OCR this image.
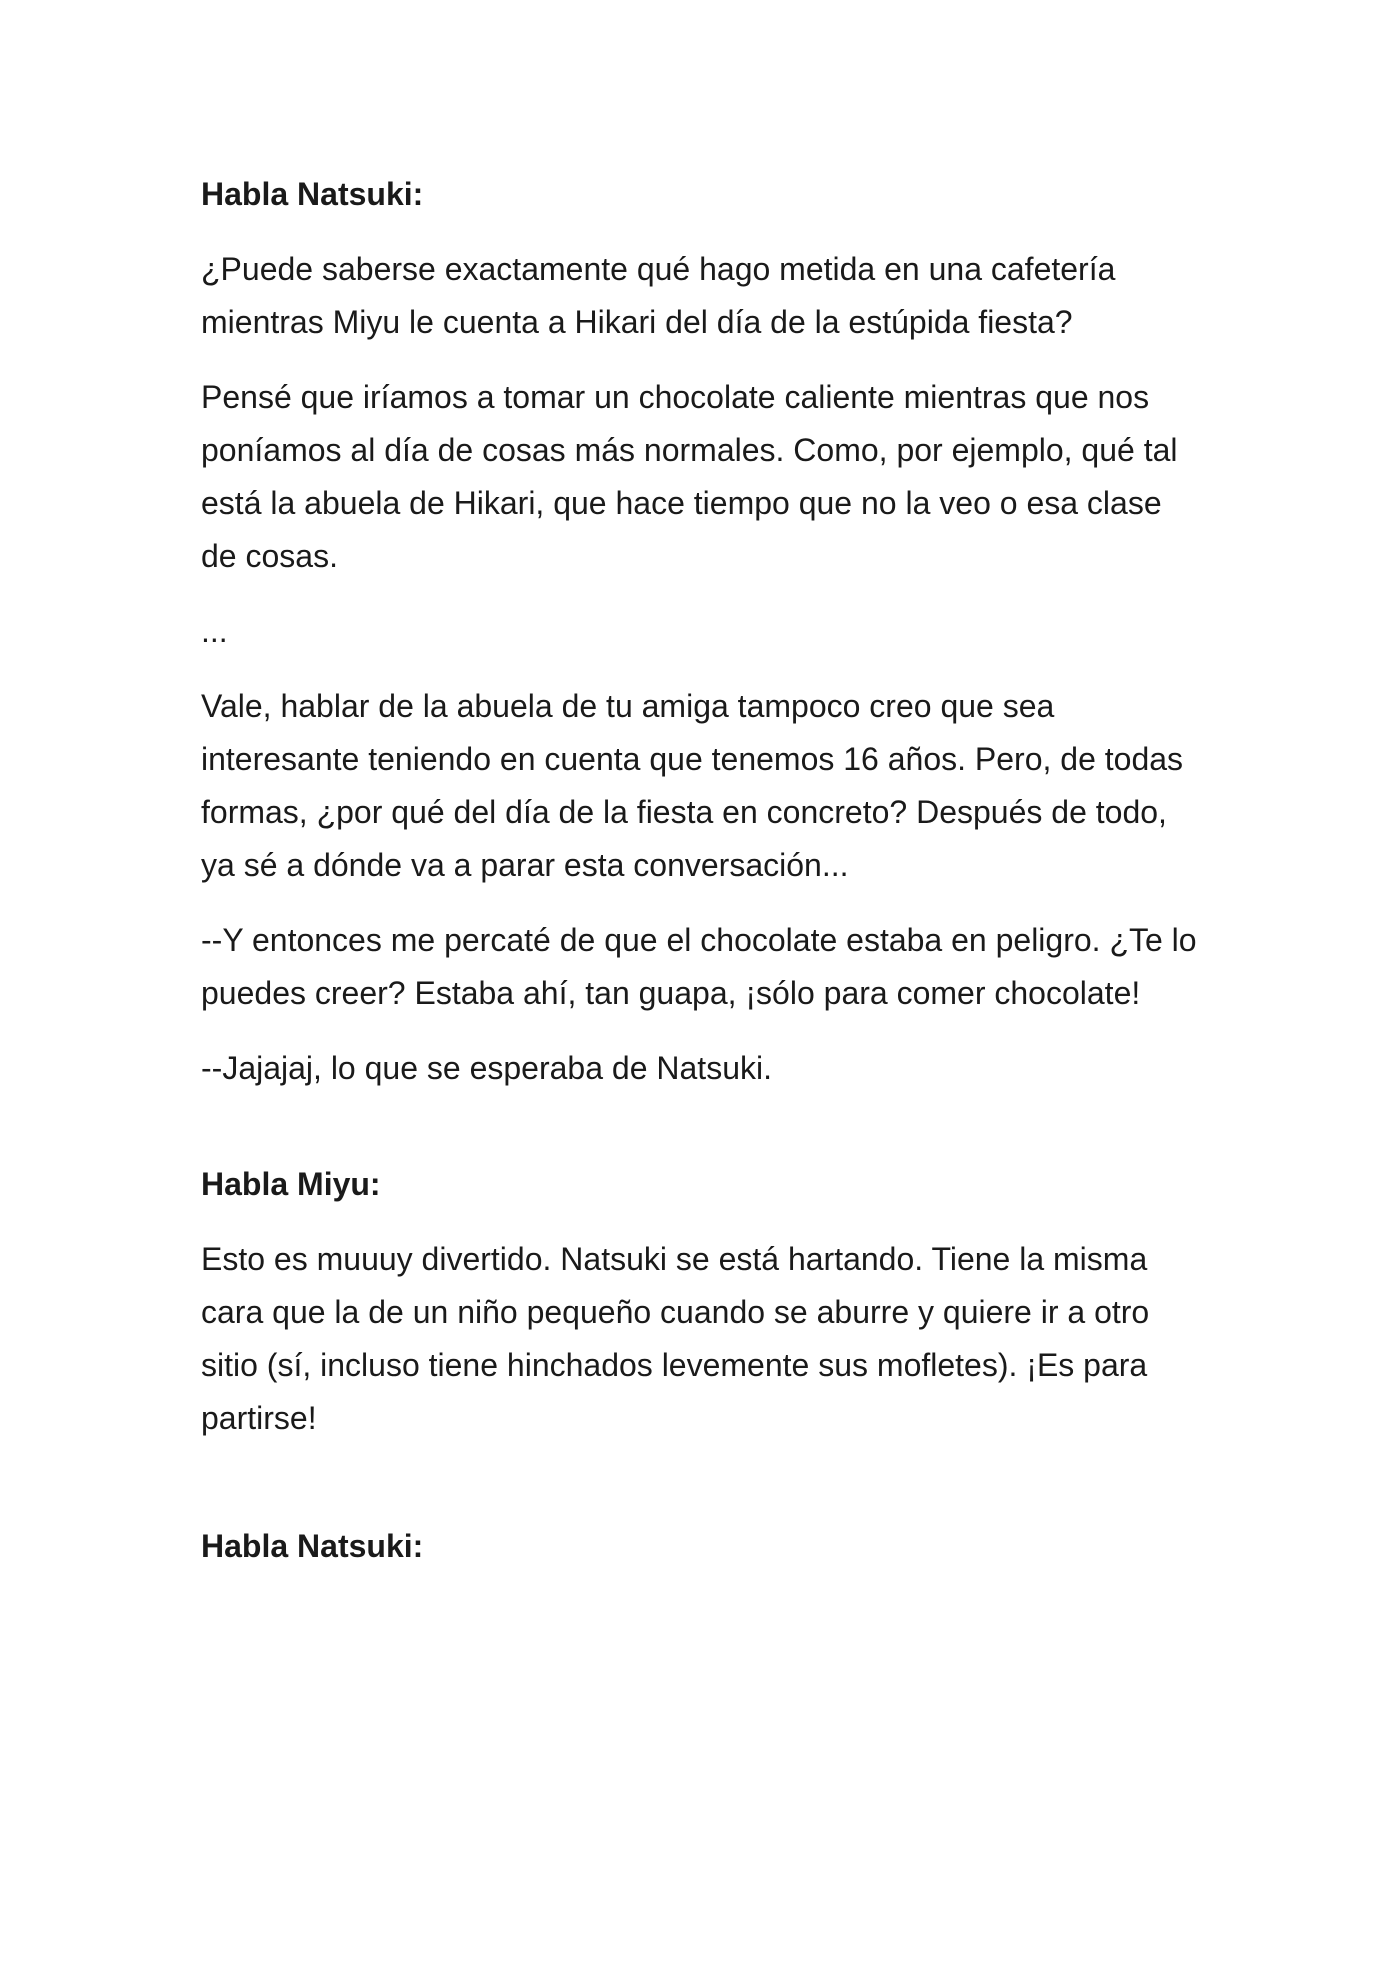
Habla Natsuki:

¿Puede saberse exactamente qué hago metida en una cafetería mientras Miyu le cuenta a Hikari del día de la estúpida fiesta?

Pensé que iríamos a tomar un chocolate caliente mientras que nos poníamos al día de cosas más normales. Como, por ejemplo, qué tal está la abuela de Hikari, que hace tiempo que no la veo o esa clase de cosas.

...

Vale, hablar de la abuela de tu amiga tampoco creo que sea interesante teniendo en cuenta que tenemos 16 años. Pero, de todas formas, ¿por qué del día de la fiesta en concreto? Después de todo, ya sé a dónde va a parar esta conversación...

--Y entonces me percaté de que el chocolate estaba en peligro. ¿Te lo puedes creer? Estaba ahí, tan guapa, ¡sólo para comer chocolate!

--Jajajaj, lo que se esperaba de Natsuki.

Habla Miyu:

Esto es muuuy divertido. Natsuki se está hartando. Tiene la misma cara que la de un niño pequeño cuando se aburre y quiere ir a otro sitio (sí, incluso tiene hinchados levemente sus mofletes). ¡Es para partirse!

Habla Natsuki:
